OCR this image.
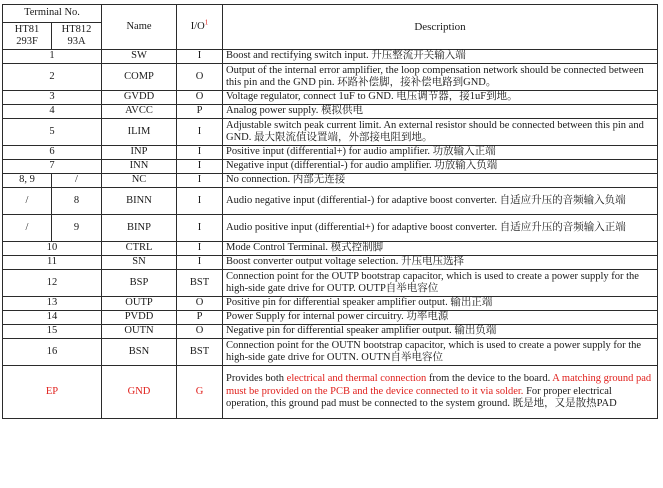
Terminal No.		Name	$I/O^1$	Description
HT81 293F	HT812 93A			
1		SW	I	Boost and rectifying switch input. 升压整流开关输入端
2		COMP	O	Output of the internal error amplifier, the loop compensation network should be connected between this pin and the GND pin. 环路补偿脚，接补偿电路到GND。
3		GVDD	O	Voltage regulator, connect 1uF to GND. 电压调节器，接1uF到地。
4		AVCC	P	Analog power supply. 模拟供电
5		ILIM	I	Adjustable switch peak current limit. An external resistor should be connected between this pin and GND. 最大限流值设置端，外部接电阻到地。
6		INP	I	Positive input (differential+) for audio amplifier. 功放输入正端
7		INN	I	Negative input (differential-) for audio amplifier. 功放输入负端
8, 9	/	NC	I	No connection. 内部无连接
/	8	BINN	I	Audio negative input (differential-) for adaptive boost converter. 自适应升压的音频输入负端
/	9	BINP	I	Audio positive input (differential+) for adaptive boost converter. 自适应升压的音频输入正端
10		CTRL	I	Mode Control Terminal. 模式控制脚
11		SN	I	Boost converter output voltage selection. 升压电压选择
12		BSP	BST	Connection point for the OUTP bootstrap capacitor, which is used to create a power supply for the high-side gate drive for OUTP. OUTP自举电容位
13		OUTP	O	Positive pin for differential speaker amplifier output. 输出正端
14		PVDD	P	Power Supply for internal power circuitry. 功率电源
15		OUTN	O	Negative pin for differential speaker amplifier output. 输出负端
16		BSN	BST	Connection point for the OUTN bootstrap capacitor, which is used to create a power supply for the high-side gate drive for OUTN. OUTN自举电容位
EP		GND	G	Provides both electrical and thermal connection from the device to the board. A matching ground pad must be provided on the PCB and the device connected to it via solder. For proper electrical operation, this ground pad must be connected to the system ground. 既是地，又是散热PAD
